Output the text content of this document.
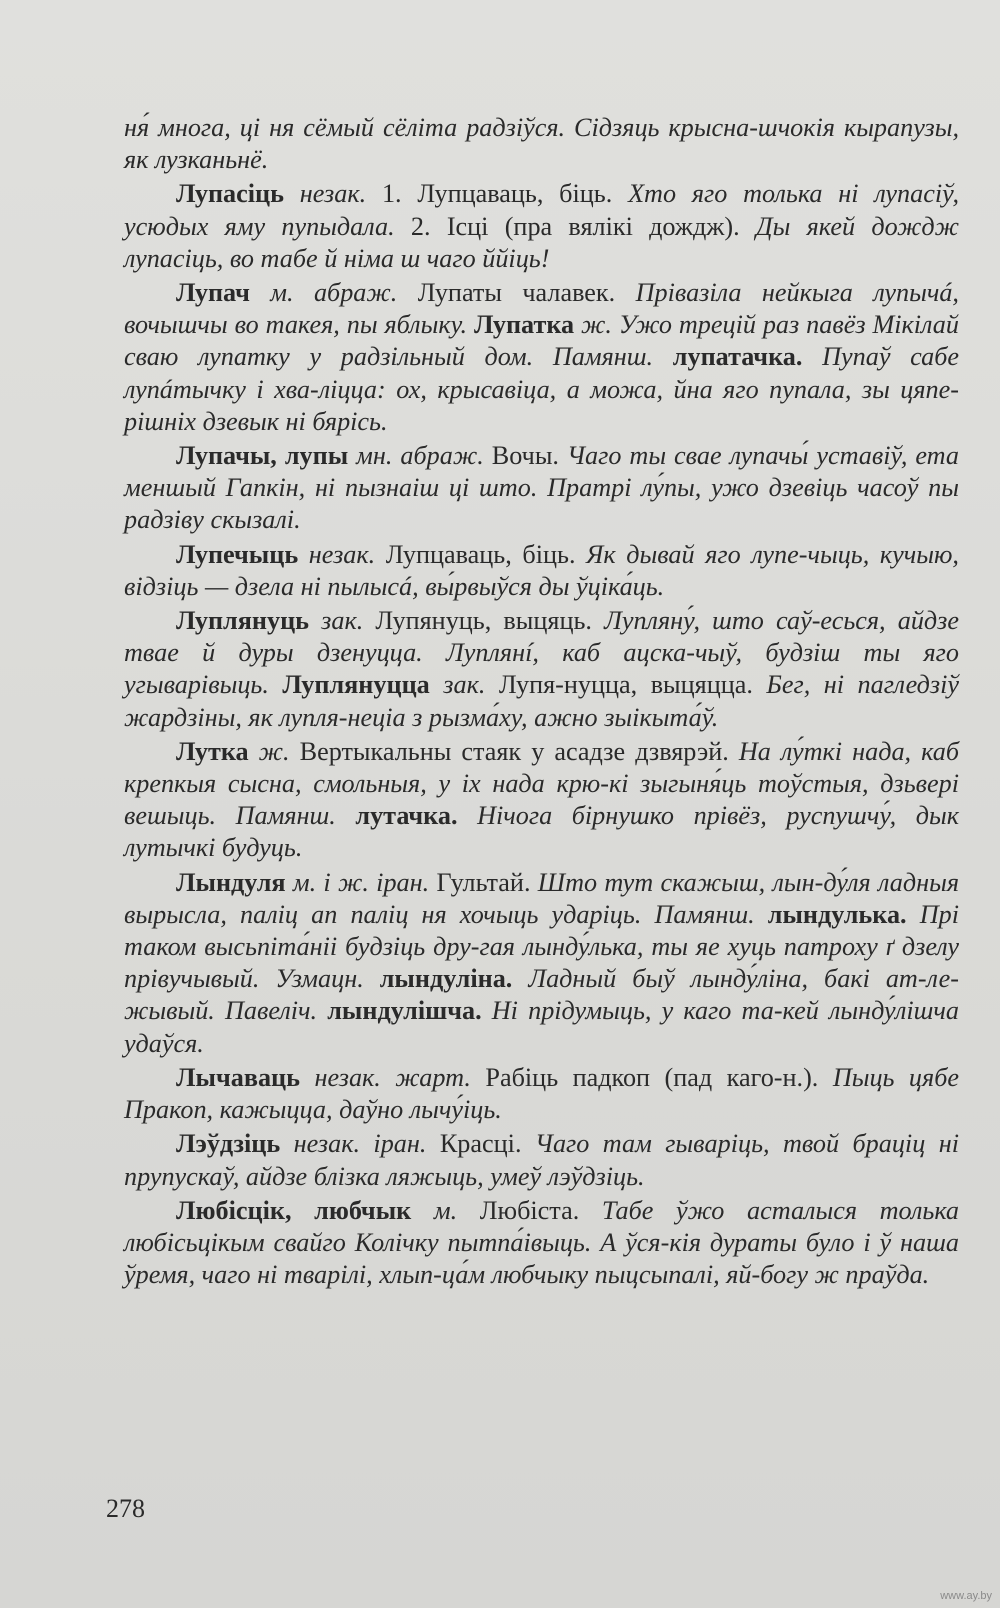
ня́ многа, ці ня сёмый сёліта радзіўся. Сідзяць крысна-шчокія кырапузы, як лузканьнё.

Лупасіць незак. 1. Лупцаваць, біць. Хто яго толька ні лупасіў, усюдых яму пупыдала. 2. Ісці (пра вялікі дождж). Ды якей дождж лупасіць, во табе й німа ш чаго ййіць!

Лупач м. абраж. Лупаты чалавек. Прівазіла нейкыга лупычá, вочышчы во такея, пы яблыку. Лупатка ж. Ужо трецій раз павёз Мікілай сваю лупатку у радзільный дом. Памянш. лупатачка. Пупаў сабе лупáтычку і хва-ліцца: ох, крысавіца, а можа, йна яго пупала, зы цяпе-рішніх дзевык ні бярісь.

Лупачы, лупы мн. абраж. Вочы. Чаго ты свае лупачы́ уставіў, ета меншый Гапкін, ні пызнаіш ці што. Пратрі лу́пы, ужо дзевіць часоў пы радзіву скызалі.

Лупечыць незак. Лупцаваць, біць. Як дывай яго лупе-чыць, кучыю, відзіць — дзела ні пылысá, вы́рвыўся ды ўціка́ць.

Луплянуць зак. Лупянуць, выцяць. Лупляну́, што саў-есься, айдзе твае й дуры дзенуцца. Луплянí, каб ацска-чыў, будзіш ты яго угыварівыць. Луплянуцца зак. Лупя-нуцца, выцяцца. Бег, ні пагледзіў жардзіны, як лупля-неціа з рызма́ху, ажно зыікыта́ў.

Лутка ж. Вертыкальны стаяк у асадзе дзвярэй. На лу́ткі нада, каб крепкыя сысна, смольныя, у іх нада крю-кі зыгыня́ць тоўстыя, дзьвері вешыць. Памянш. лутачка. Нічога бірнушко прівёз, руспушчу́, дык лутычкі будуць.

Лындуля м. і ж. іран. Гультай. Што тут скажыш, лын-ду́ля ладныя вырысла, паліц ап паліц ня хочыць ударіць. Памянш. лындулька. Прі таком высьпіта́ніі будзіць дру-гая лынду́лька, ты яе хуць патроху ґ дзелу прівучывый. Узмацн. лындуліна. Ладный быў лынду́ліна, бакі ат-ле-жывый. Павеліч. лындулішча. Ні прідумыць, у каго та-кей лынду́лішча удаўся.

Лычаваць незак. жарт. Рабіць падкоп (пад каго-н.). Пыць цябе Пракоп, кажыцца, даўно лычу́іць.

Лэўдзіць незак. іран. Красці. Чаго там гывaріць, твой брацiц ні прупускаў, айдзе блізка ляжыць, умеў лэўдзіць.

Любісцік, любчык м. Любіста. Табе ўжо асталыся толька любісьцікым свайго Колічку пытпа́івыць. А ўся-кія дураты було і ў наша ўремя, чаго ні тварілі, хлып-ца́м любчыку пыцсыпалі, яй-богу ж праўда.

278
www.ay.by
